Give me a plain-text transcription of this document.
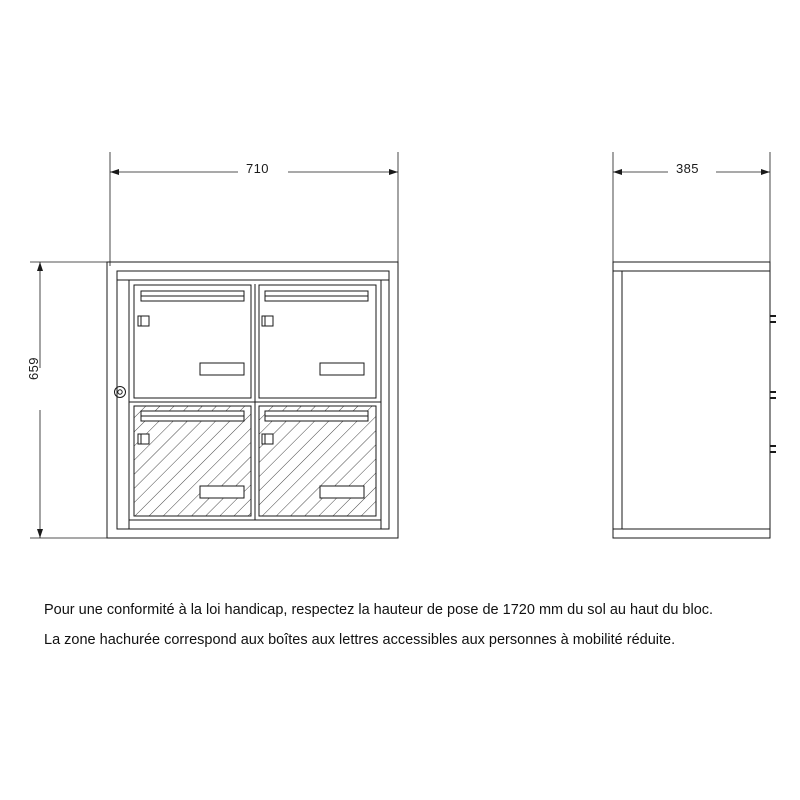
710	385
659
Pour une conformité à la loi handicap, respectez la hauteur de pose de 1720 mm du sol au haut du bloc.
La zone hachurée correspond aux boîtes aux lettres accessibles aux personnes à mobilité réduite.
